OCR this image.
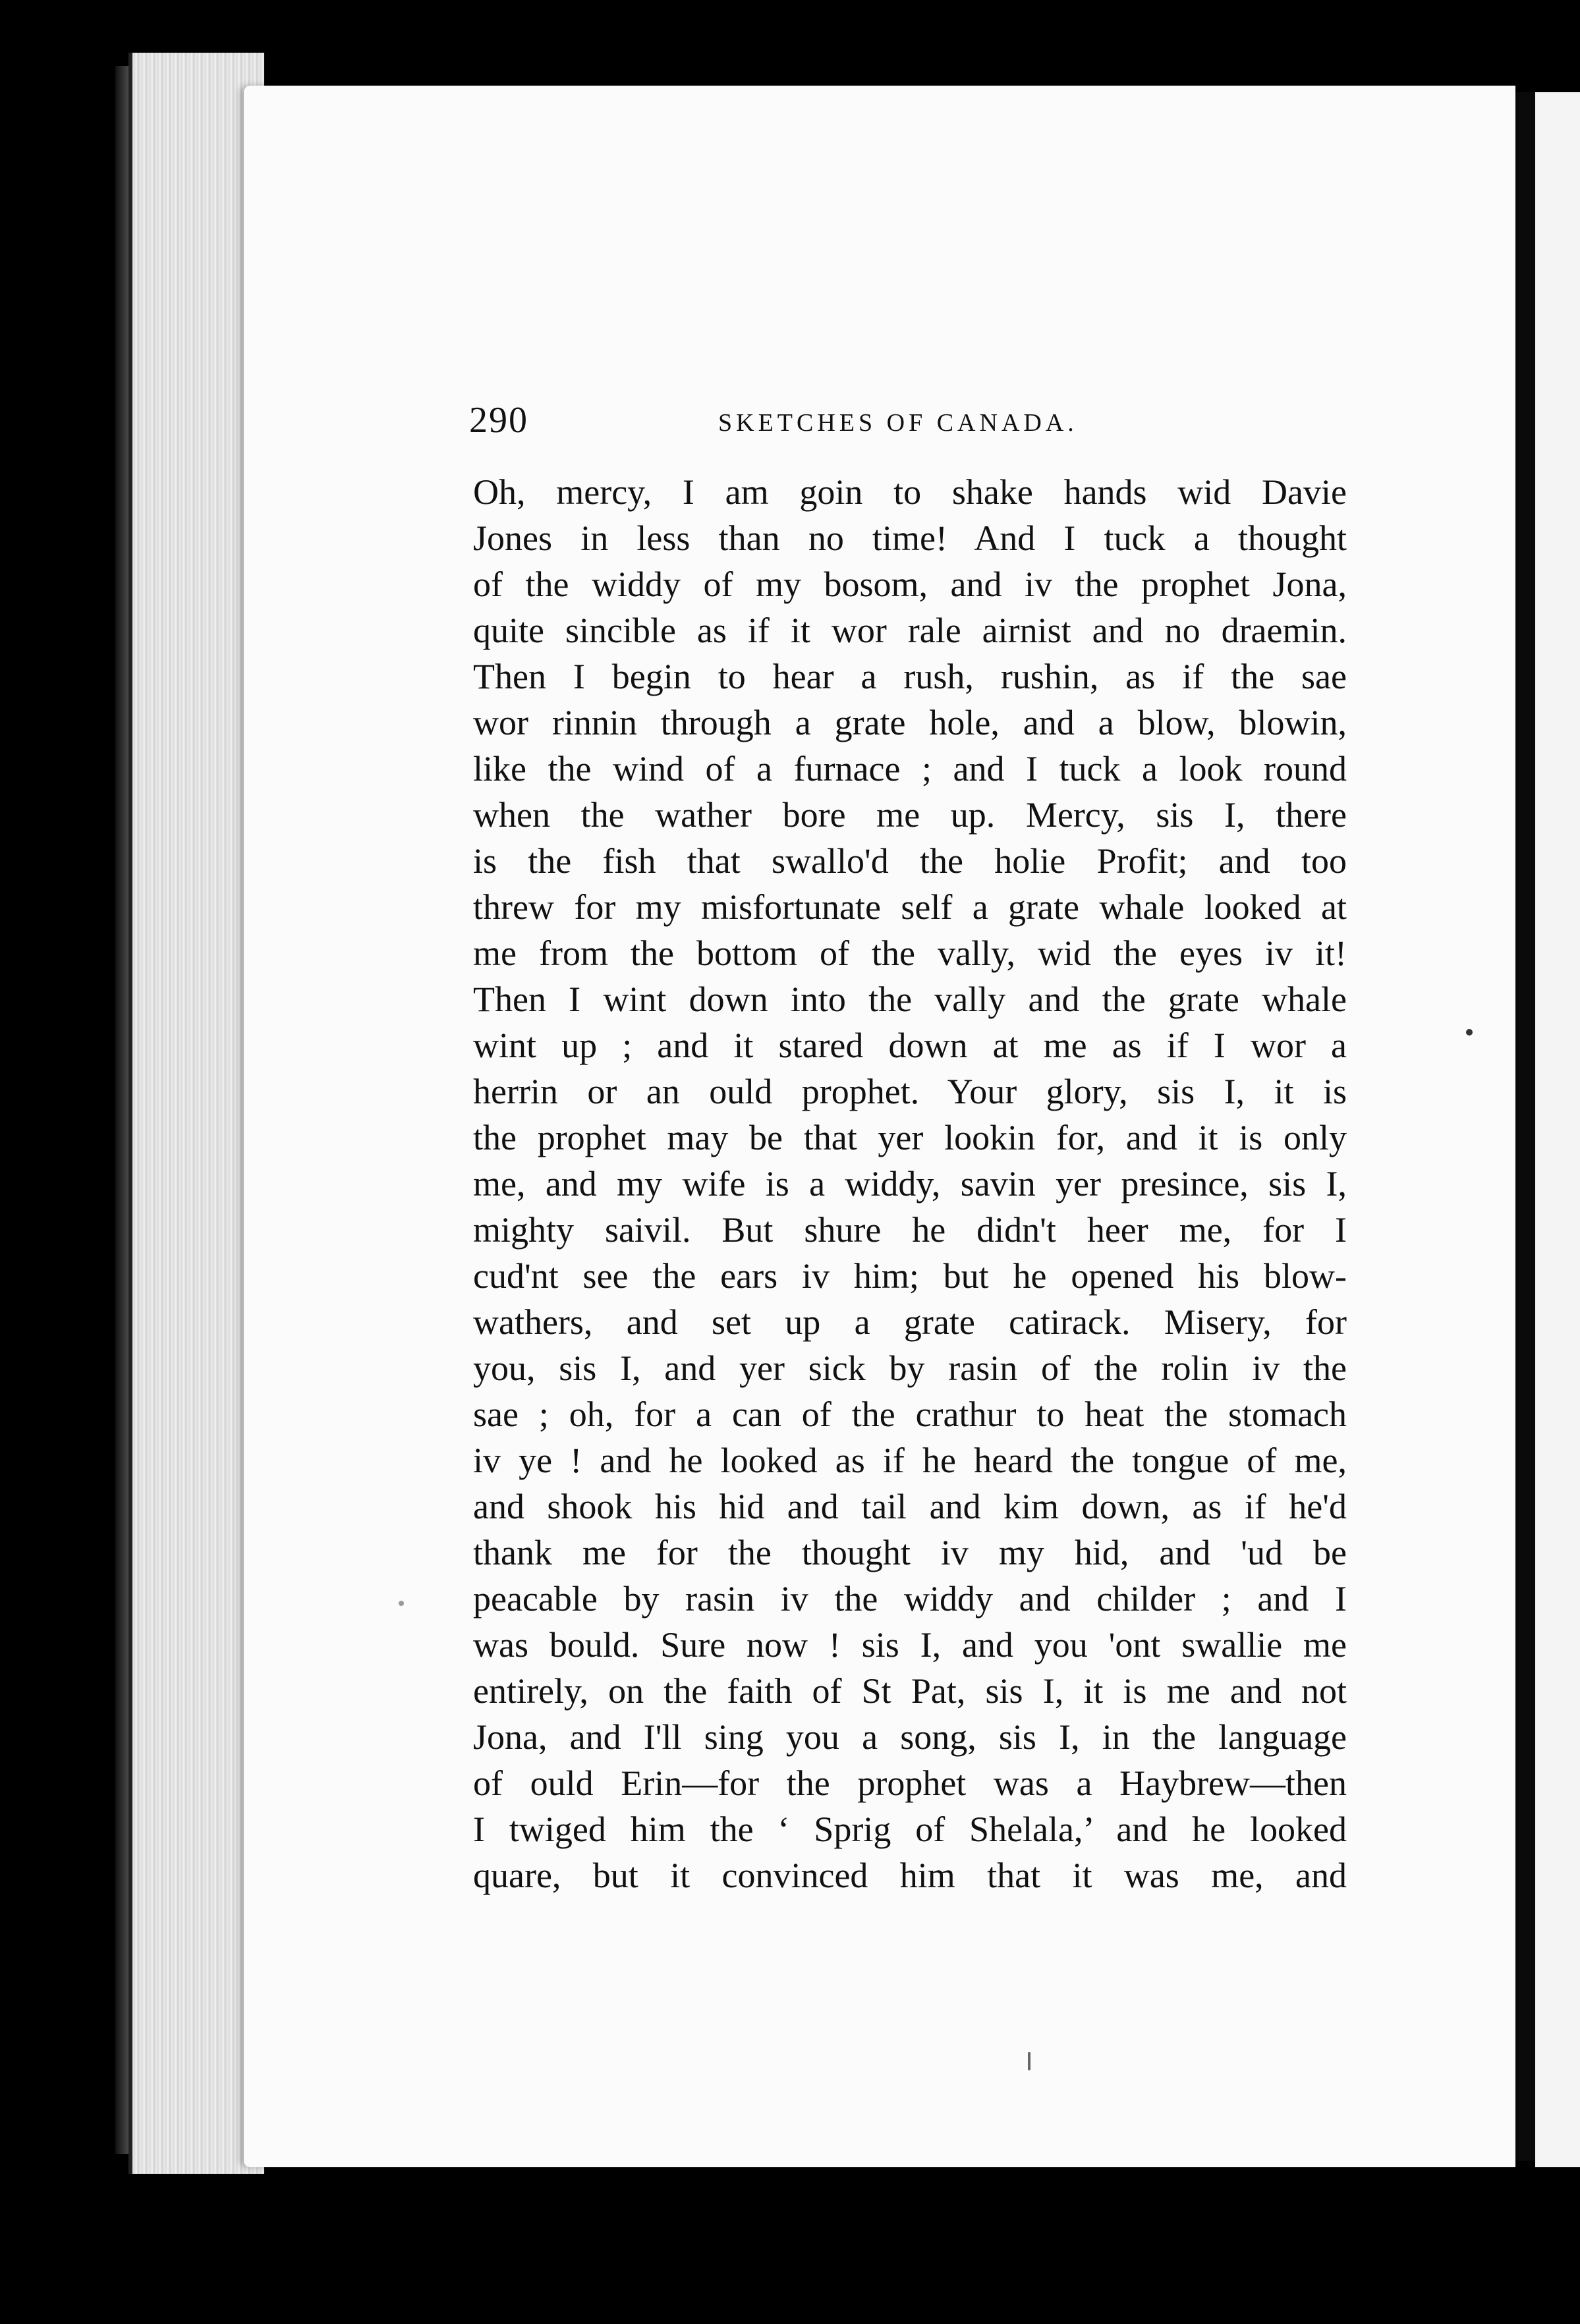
290	SKETCHES OF CANADA.
Oh, mercy, I am goin to shake hands wid Davie
Jones in less than no time! And I tuck a thought
of the widdy of my bosom, and iv the prophet Jona,
quite sincible as if it wor rale airnist and no draemin.
Then I begin to hear a rush, rushin, as if the sae
wor rinnin through a grate hole, and a blow, blowin,
like the wind of a furnace ; and I tuck a look round
when the wather bore me up. Mercy, sis I, there
is the fish that swallo'd the holie Profit; and too
threw for my misfortunate self a grate whale looked at
me from the bottom of the vally, wid the eyes iv it!
Then I wint down into the vally and the grate whale
wint up ; and it stared down at me as if I wor a
herrin or an ould prophet. Your glory, sis I, it is
the prophet may be that yer lookin for, and it is only
me, and my wife is a widdy, savin yer presince, sis I,
mighty saivil. But shure he didn't heer me, for I
cud'nt see the ears iv him; but he opened his blow-
wathers, and set up a grate catirack. Misery, for
you, sis I, and yer sick by rasin of the rolin iv the
sae ; oh, for a can of the crathur to heat the stomach
iv ye ! and he looked as if he heard the tongue of me,
and shook his hid and tail and kim down, as if he'd
thank me for the thought iv my hid, and 'ud be
peacable by rasin iv the widdy and childer ; and I
was bould. Sure now ! sis I, and you 'ont swallie me
entirely, on the faith of St Pat, sis I, it is me and not
Jona, and I'll sing you a song, sis I, in the language
of ould Erin—for the prophet was a Haybrew—then
I twiged him the ‘ Sprig of Shelala,’ and he looked
quare, but it convinced him that it was me, and
